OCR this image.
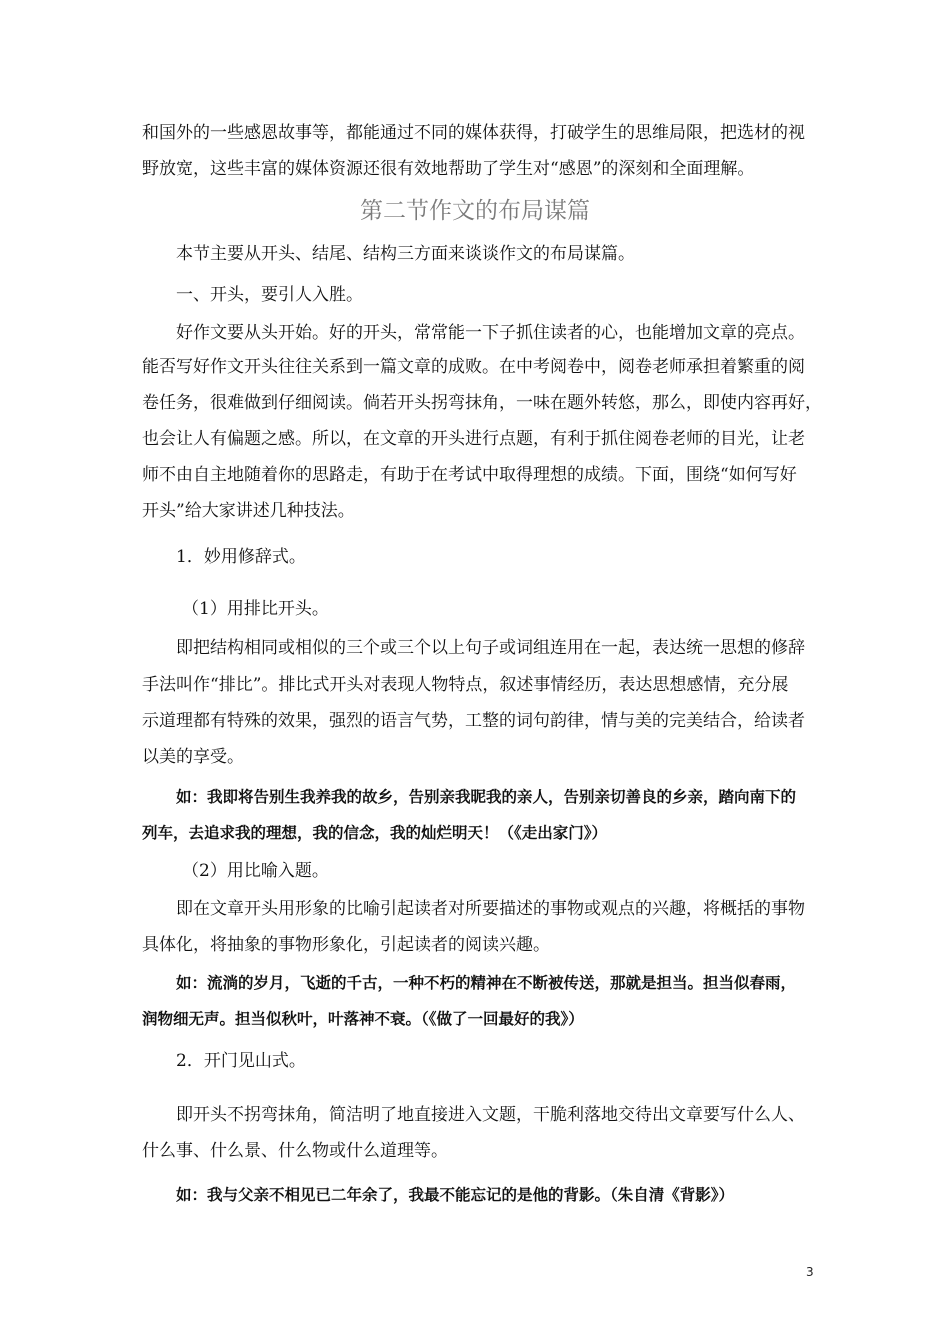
和国外的一些感恩故事等，都能通过不同的媒体获得，打破学生的思维局限，把选材的视
野放宽，这些丰富的媒体资源还很有效地帮助了学生对“感恩”的深刻和全面理解。
第二节作文的布局谋篇
本节主要从开头、结尾、结构三方面来谈谈作文的布局谋篇。
一、开头，要引人入胜。
好作文要从头开始。好的开头，常常能一下子抓住读者的心，也能增加文章的亮点。
能否写好作文开头往往关系到一篇文章的成败。在中考阅卷中，阅卷老师承担着繁重的阅
卷任务，很难做到仔细阅读。倘若开头拐弯抹角，一味在题外转悠，那么，即使内容再好，
也会让人有偏题之感。所以，在文章的开头进行点题，有利于抓住阅卷老师的目光，让老
师不由自主地随着你的思路走，有助于在考试中取得理想的成绩。下面，围绕“如何写好
开头”给大家讲述几种技法。
1．妙用修辞式。
（1）用排比开头。
即把结构相同或相似的三个或三个以上句子或词组连用在一起，表达统一思想的修辞
手法叫作“排比”。排比式开头对表现人物特点，叙述事情经历，表达思想感情，充分展
示道理都有特殊的效果，强烈的语言气势，工整的词句韵律，情与美的完美结合，给读者
以美的享受。
如：我即将告别生我养我的故乡，告别亲我昵我的亲人，告别亲切善良的乡亲，踏向南下的
列车，去追求我的理想，我的信念，我的灿烂明天！（《走出家门》）
（2）用比喻入题。
即在文章开头用形象的比喻引起读者对所要描述的事物或观点的兴趣，将概括的事物
具体化，将抽象的事物形象化，引起读者的阅读兴趣。
如：流淌的岁月，飞逝的千古，一种不朽的精神在不断被传送，那就是担当。担当似春雨，
润物细无声。担当似秋叶，叶落神不衰。（《做了一回最好的我》）
2．开门见山式。
即开头不拐弯抹角，简洁明了地直接进入文题，干脆利落地交待出文章要写什么人、
什么事、什么景、什么物或什么道理等。
如：我与父亲不相见已二年余了，我最不能忘记的是他的背影。（朱自清《背影》）
3
